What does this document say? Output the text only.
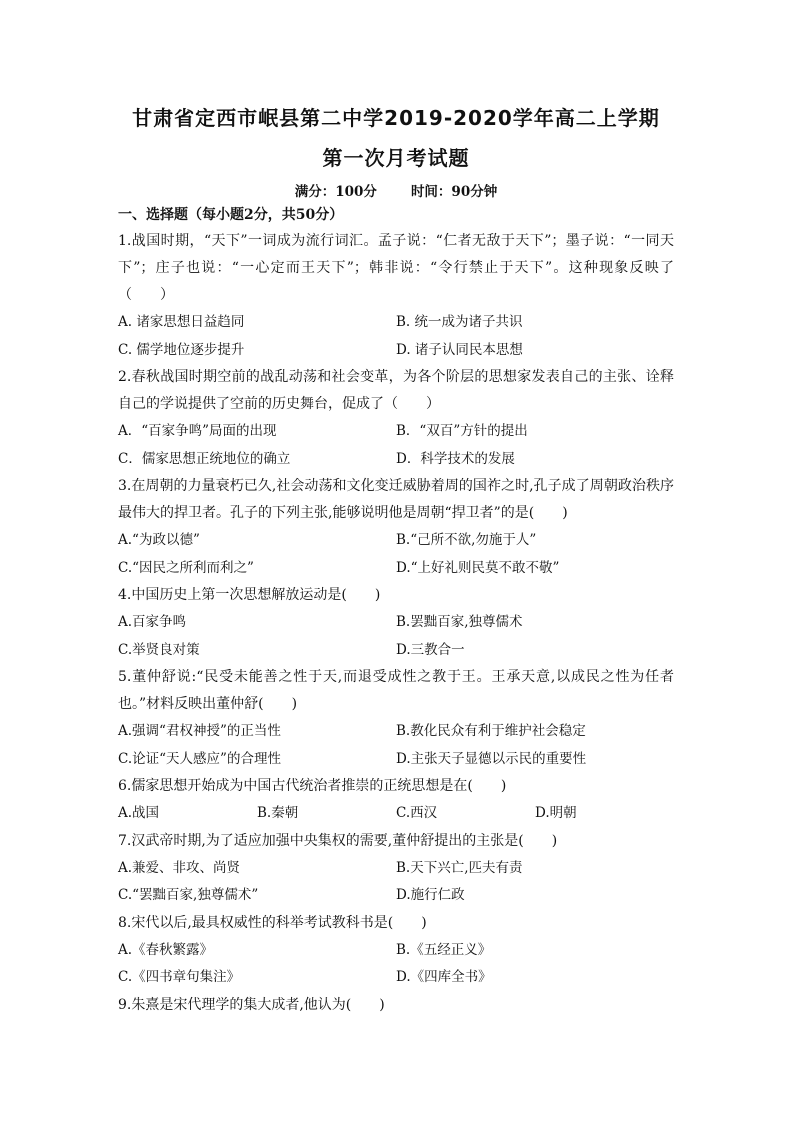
甘肃省定西市岷县第二中学2019-2020学年高二上学期
第一次月考试题
满分：100分	时间：90分钟
一、选择题（每小题2分，共50分）

1.战国时期，“天下”一词成为流行词汇。孟子说：“仁者无敌于天下”；墨子说：“一同天下”；庄子也说：“一心定而王天下”；韩非说：“令行禁止于天下”。这种现象反映了（　　）

A. 诸家思想日益趋同	B. 统一成为诸子共识
C. 儒学地位逐步提升	D. 诸子认同民本思想

2.春秋战国时期空前的战乱动荡和社会变革，为各个阶层的思想家发表自己的主张、诠释自己的学说提供了空前的历史舞台，促成了（　　）

A．“百家争鸣”局面的出现	B．“双百”方针的提出
C．儒家思想正统地位的确立	D．科学技术的发展

3.在周朝的力量衰朽已久,社会动荡和文化变迁威胁着周的国祚之时,孔子成了周朝政治秩序最伟大的捍卫者。孔子的下列主张,能够说明他是周朝“捍卫者”的是(　　)

A.“为政以德”	B.“己所不欲,勿施于人”
C.“因民之所利而利之”	D.“上好礼则民莫不敢不敬”

4.中国历史上第一次思想解放运动是(　　)

A.百家争鸣	B.罢黜百家,独尊儒术
C.举贤良对策	D.三教合一

5.董仲舒说:“民受未能善之性于天,而退受成性之教于王。王承天意,以成民之性为任者也。”材料反映出董仲舒(　　)

A.强调“君权神授”的正当性	B.教化民众有利于维护社会稳定
C.论证“天人感应”的合理性	D.主张天子显德以示民的重要性

6.儒家思想开始成为中国古代统治者推崇的正统思想是在(　　)

A.战国	B.秦朝	C.西汉	D.明朝

7.汉武帝时期,为了适应加强中央集权的需要,董仲舒提出的主张是(　　)

A.兼爱、非攻、尚贤	B.天下兴亡,匹夫有责
C.“罢黜百家,独尊儒术”	D.施行仁政

8.宋代以后,最具权威性的科举考试教科书是(　　)

A.《春秋繁露》	B.《五经正义》
C.《四书章句集注》	D.《四库全书》

9.朱熹是宋代理学的集大成者,他认为(　　)
